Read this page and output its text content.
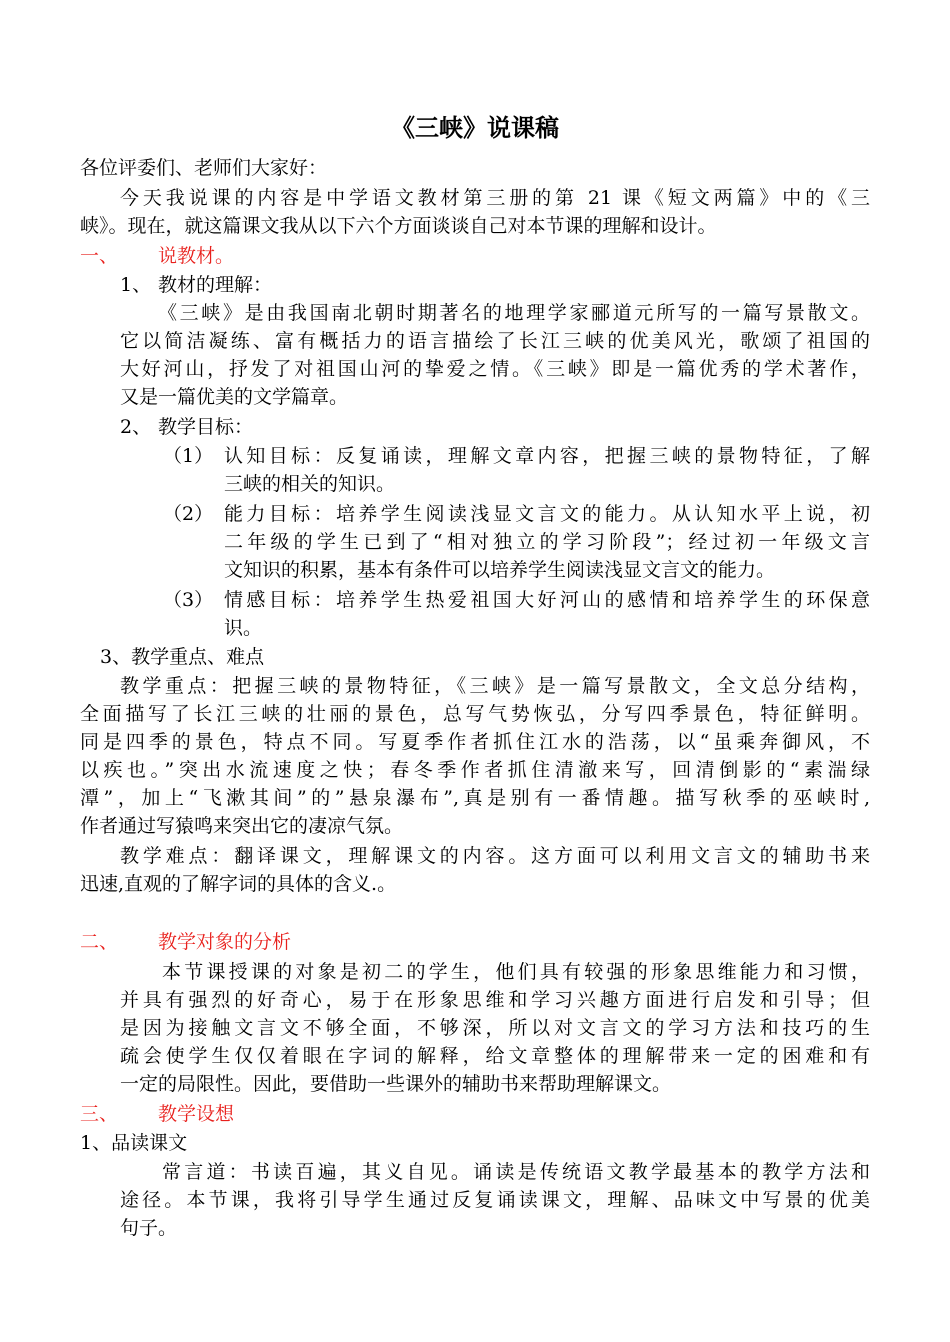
《三峡》说课稿
各位评委们、老师们大家好：
今天我说课的内容是中学语文教材第三册的第 21 课《短文两篇》中的《三
峡》。现在，就这篇课文我从以下六个方面谈谈自己对本节课的理解和设计。
一、 说教材。
1、 教材的理解：
《三峡》是由我国南北朝时期著名的地理学家郦道元所写的一篇写景散文。
它以简洁凝练、富有概括力的语言描绘了长江三峡的优美风光，歌颂了祖国的
大好河山，抒发了对祖国山河的挚爱之情。《三峡》即是一篇优秀的学术著作，
又是一篇优美的文学篇章。
2、 教学目标：
（1） 认知目标：反复诵读，理解文章内容，把握三峡的景物特征，了解
三峡的相关的知识。
（2） 能力目标：培养学生阅读浅显文言文的能力。从认知水平上说，初
二年级的学生已到了“相对独立的学习阶段”；经过初一年级文言
文知识的积累，基本有条件可以培养学生阅读浅显文言文的能力。
（3） 情感目标：培养学生热爱祖国大好河山的感情和培养学生的环保意
识。
3、教学重点、难点
教学重点：把握三峡的景物特征，《三峡》是一篇写景散文，全文总分结构，
全面描写了长江三峡的壮丽的景色，总写气势恢弘，分写四季景色，特征鲜明。
同是四季的景色，特点不同。写夏季作者抓住江水的浩荡，以“虽乘奔御风，不
以疾也。”突出水流速度之快；春冬季作者抓住清澈来写，回清倒影的“素湍绿
潭”，加上“飞漱其间”的”悬泉瀑布”,真是别有一番情趣。描写秋季的巫峡时,
作者通过写猿鸣来突出它的凄凉气氛。
教学难点：翻译课文，理解课文的内容。这方面可以利用文言文的辅助书来
迅速,直观的了解字词的具体的含义.。
二、 教学对象的分析
本节课授课的对象是初二的学生，他们具有较强的形象思维能力和习惯，
并具有强烈的好奇心，易于在形象思维和学习兴趣方面进行启发和引导；但
是因为接触文言文不够全面，不够深，所以对文言文的学习方法和技巧的生
疏会使学生仅仅着眼在字词的解释，给文章整体的理解带来一定的困难和有
一定的局限性。因此，要借助一些课外的辅助书来帮助理解课文。
三、 教学设想
1、品读课文
常言道：书读百遍，其义自见。诵读是传统语文教学最基本的教学方法和
途径。本节课，我将引导学生通过反复诵读课文，理解、品味文中写景的优美
句子。
